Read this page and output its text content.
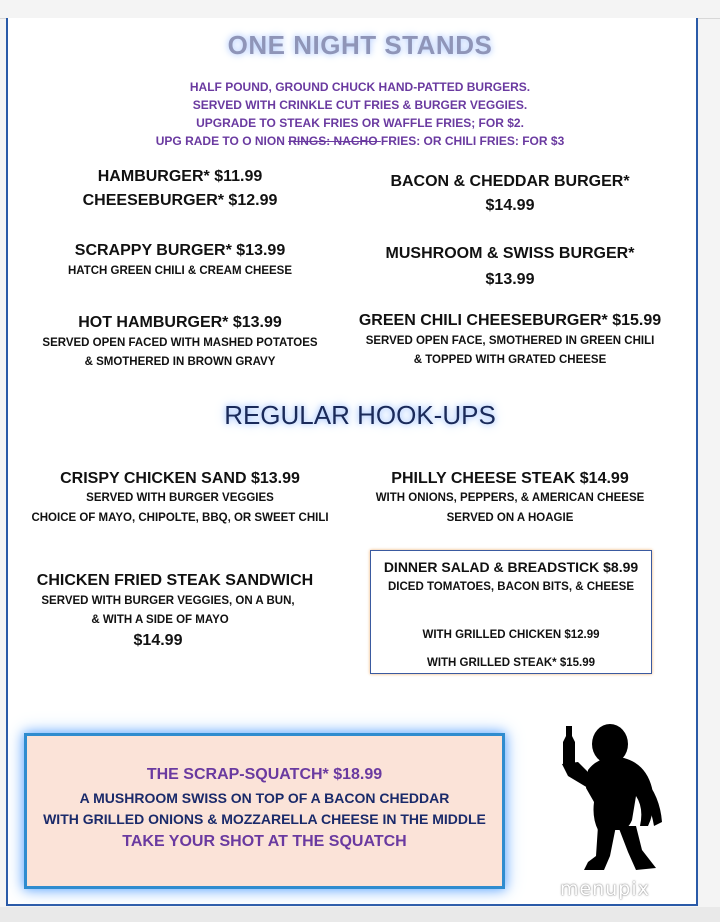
ONE NIGHT STANDS
HALF POUND, GROUND CHUCK HAND-PATTED BURGERS.
SERVED WITH CRINKLE CUT FRIES & BURGER VEGGIES.
UPGRADE TO STEAK FRIES OR WAFFLE FRIES; FOR $2.
UPG RADE TO O NION RINGS: NACHO FRIES: OR CHILI FRIES: FOR $3
HAMBURGER* $11.99
CHEESEBURGER* $12.99
SCRAPPY BURGER* $13.99
HATCH GREEN CHILI & CREAM CHEESE
HOT HAMBURGER* $13.99
SERVED OPEN FACED WITH MASHED POTATOES
& SMOTHERED IN BROWN GRAVY
BACON & CHEDDAR BURGER*
$14.99
MUSHROOM & SWISS BURGER*
$13.99
GREEN CHILI CHEESEBURGER* $15.99
SERVED OPEN FACE, SMOTHERED IN GREEN CHILI
& TOPPED WITH GRATED CHEESE
REGULAR HOOK-UPS
CRISPY CHICKEN SAND $13.99
SERVED WITH BURGER VEGGIES
CHOICE OF MAYO, CHIPOLTE, BBQ, OR SWEET CHILI
CHICKEN FRIED STEAK SANDWICH
SERVED WITH BURGER VEGGIES, ON A BUN,
& WITH A SIDE OF MAYO
$14.99
PHILLY CHEESE STEAK $14.99
WITH ONIONS, PEPPERS, & AMERICAN CHEESE
SERVED ON A HOAGIE
DINNER SALAD & BREADSTICK $8.99
DICED TOMATOES, BACON BITS, & CHEESE
WITH GRILLED CHICKEN $12.99
WITH GRILLED STEAK* $15.99
THE SCRAP-SQUATCH* $18.99
A MUSHROOM SWISS ON TOP OF A BACON CHEDDAR
WITH GRILLED ONIONS & MOZZARELLA CHEESE IN THE MIDDLE
TAKE YOUR SHOT AT THE SQUATCH
menupix
